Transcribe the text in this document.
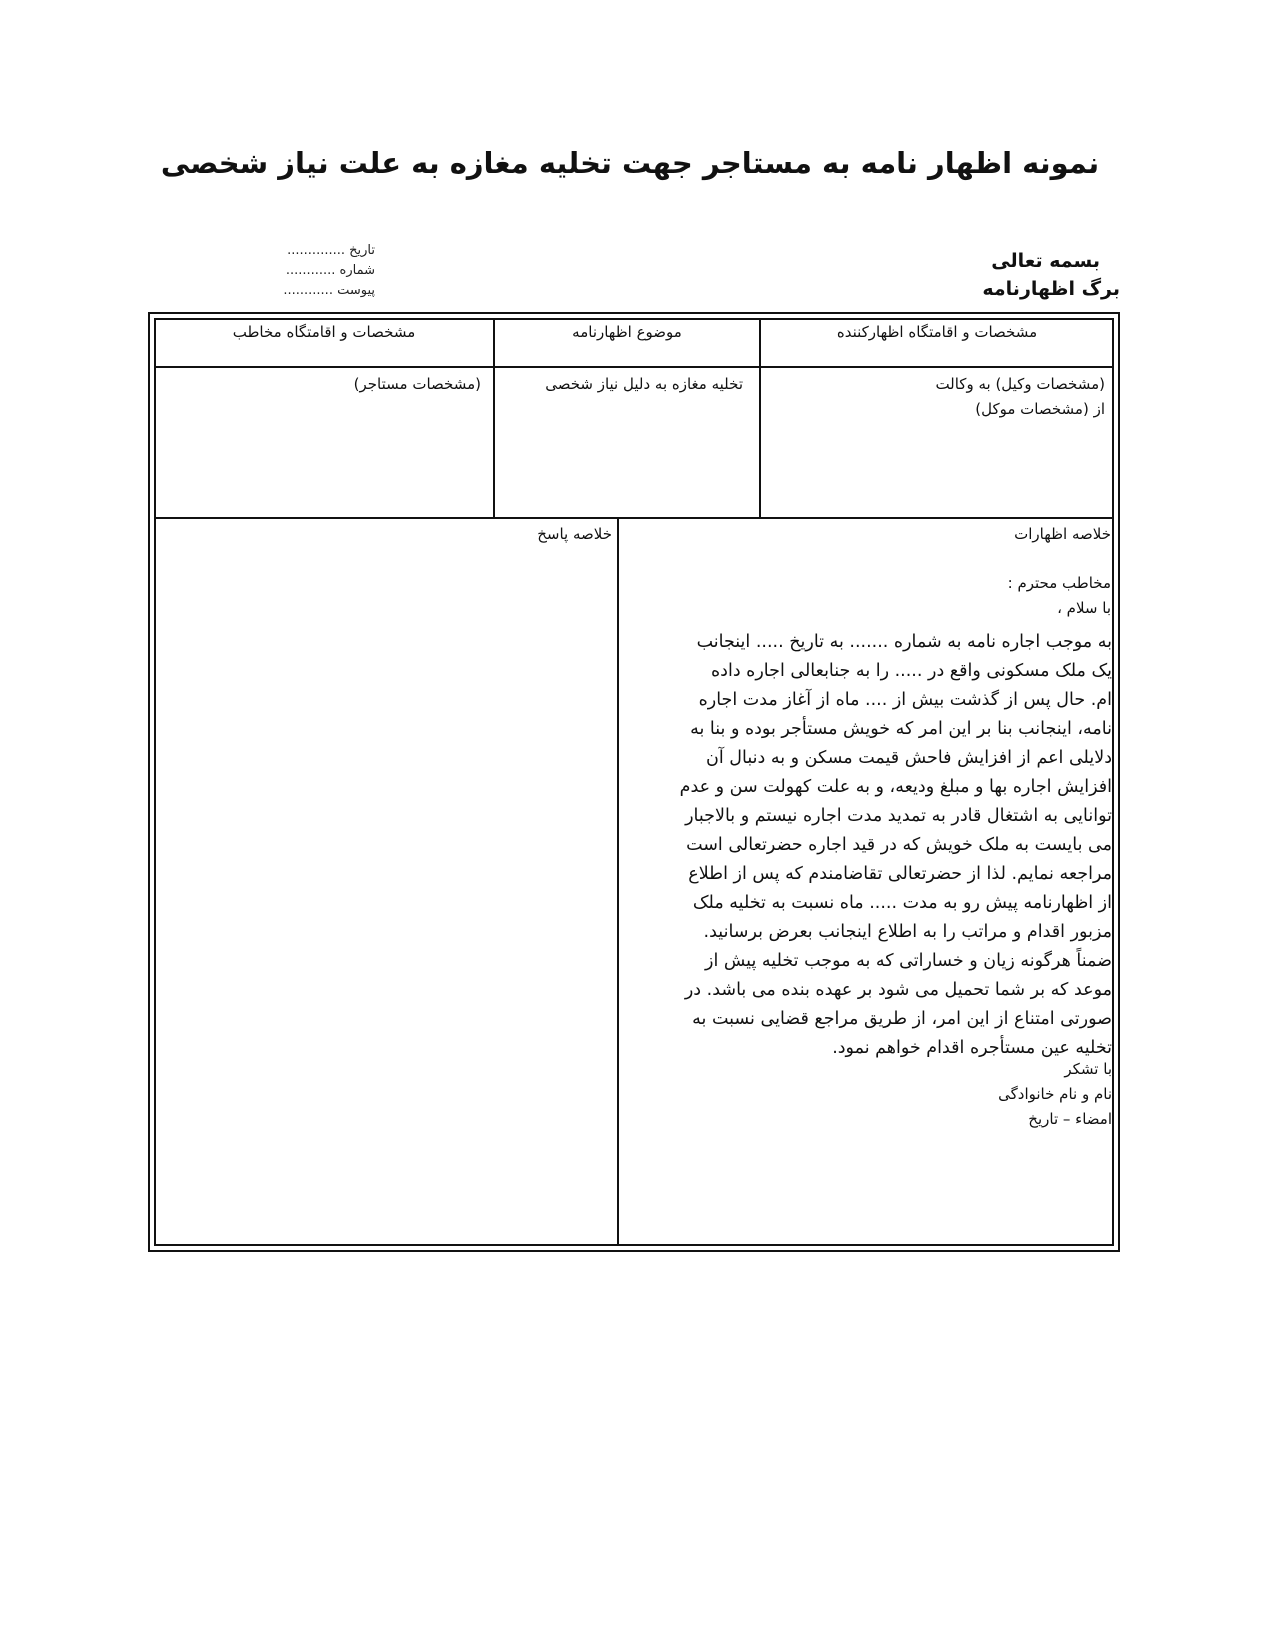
نمونه اظهار نامه به مستاجر جهت تخلیه مغازه به علت نیاز شخصی
تاریخ ..............
شماره ............
پیوست ............
بسمه تعالی
برگ اظهارنامه
مشخصات و اقامتگاه اظهارکننده
موضوع اظهارنامه
مشخصات و اقامتگاه مخاطب
(مشخصات وکیل) به وکالت
از (مشخصات موکل)
تخلیه مغازه به دلیل نیاز شخصی
(مشخصات مستاجر)
خلاصه اظهارات
خلاصه پاسخ
مخاطب محترم :
با سلام ،

به موجب اجاره نامه به شماره ....... به تاریخ ..... اینجانب

یک ملک مسکونی واقع در ..... را به جنابعالی اجاره داده

ام. حال پس از گذشت بیش از .... ماه از آغاز مدت اجاره

نامه، اینجانب بنا بر این امر که خویش مستأجر بوده و بنا به

دلایلی اعم از افزایش فاحش قیمت مسکن و به دنبال آن

افزایش اجاره بها و مبلغ ودیعه، و به علت کهولت سن و عدم

توانایی به اشتغال قادر به تمدید مدت اجاره نیستم و بالاجبار

می بایست به ملک خویش که در قید اجاره حضرتعالی است

مراجعه نمایم. لذا از حضرتعالی تقاضامندم که پس از اطلاع

از اظهارنامه پیش رو به مدت ..... ماه نسبت به تخلیه ملک

مزبور اقدام و مراتب را به اطلاع اینجانب بعرض برسانید.

ضمناً هرگونه زیان و خساراتی که به موجب تخلیه پیش از

موعد که بر شما تحمیل می شود بر عهده بنده می باشد. در

صورتی امتناع از این امر، از طریق مراجع قضایی نسبت به

تخلیه عین مستأجره اقدام خواهم نمود.

با تشکر
نام و نام خانوادگی
امضاء – تاریخ
